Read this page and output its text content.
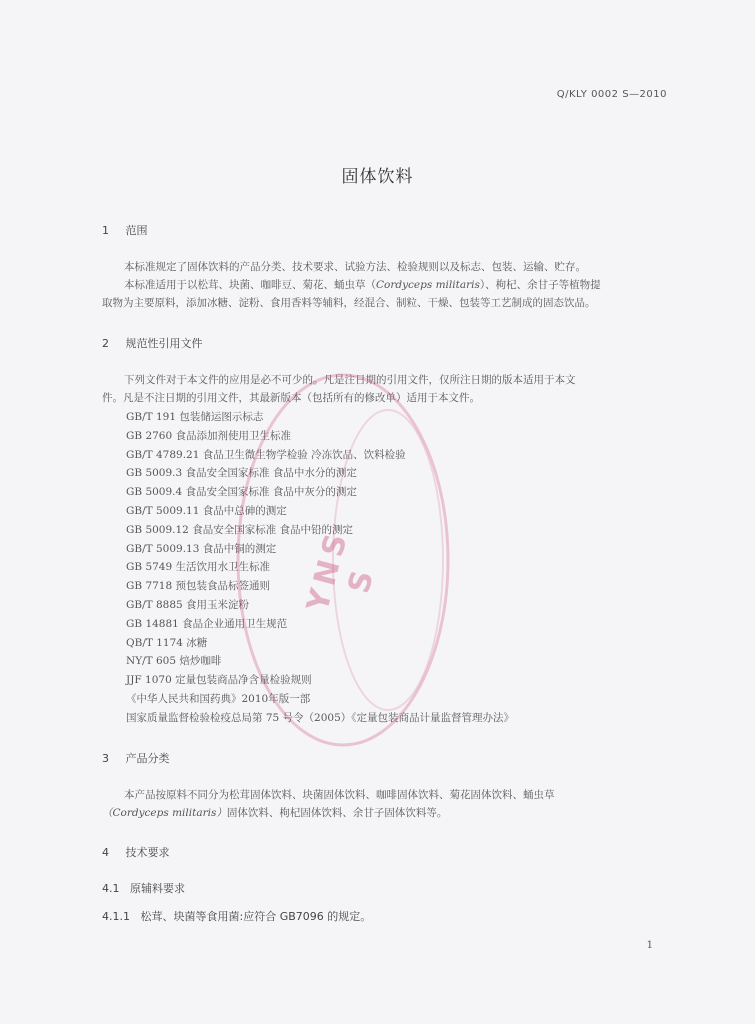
Q/KLY 0002 S—2010
固体饮料
1 范围
本标准规定了固体饮料的产品分类、技术要求、试验方法、检验规则以及标志、包装、运输、贮存。
本标准适用于以松茸、块菌、咖啡豆、菊花、蛹虫草（Cordyceps militaris）、枸杞、余甘子等植物提
取物为主要原料，添加冰糖、淀粉、食用香料等辅料，经混合、制粒、干燥、包装等工艺制成的固态饮品。
2 规范性引用文件
下列文件对于本文件的应用是必不可少的。凡是注日期的引用文件，仅所注日期的版本适用于本文
件。凡是不注日期的引用文件，其最新版本（包括所有的修改单）适用于本文件。
GB/T 191 包装储运图示标志
GB 2760 食品添加剂使用卫生标准
GB/T 4789.21 食品卫生微生物学检验 冷冻饮品、饮料检验
GB 5009.3 食品安全国家标准 食品中水分的测定
GB 5009.4 食品安全国家标准 食品中灰分的测定
GB/T 5009.11 食品中总砷的测定
GB 5009.12 食品安全国家标准 食品中铅的测定
GB/T 5009.13 食品中铜的测定
GB 5749 生活饮用水卫生标准
GB 7718 预包装食品标签通则
GB/T 8885 食用玉米淀粉
GB 14881 食品企业通用卫生规范
QB/T 1174 冰糖
NY/T 605 焙炒咖啡
JJF 1070 定量包装商品净含量检验规则
《中华人民共和国药典》2010年版一部
国家质量监督检验检疫总局第 75 号令（2005）《定量包装商品计量监督管理办法》
3 产品分类
本产品按原料不同分为松茸固体饮料、块菌固体饮料、咖啡固体饮料、菊花固体饮料、蛹虫草
（Cordyceps militaris）固体饮料、枸杞固体饮料、余甘子固体饮料等。
4 技术要求
4.1 原辅料要求
4.1.1 松茸、块菌等食用菌:应符合 GB7096 的规定。
1
YNS S
